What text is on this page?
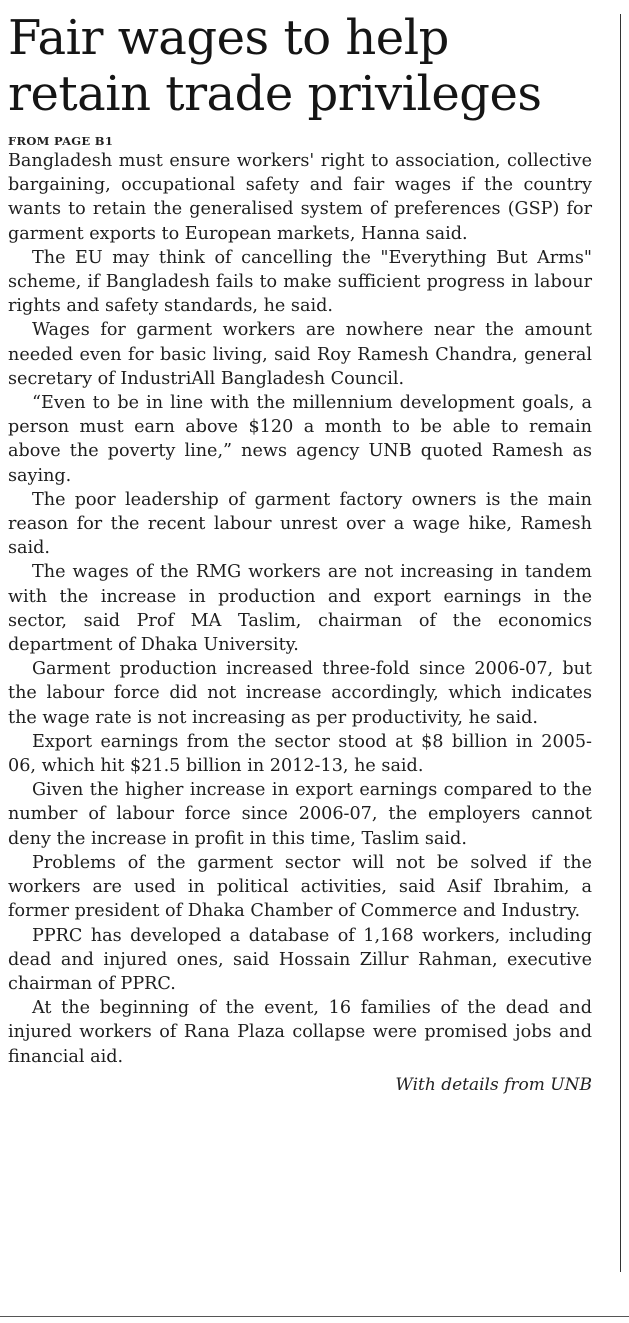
Fair wages to help
retain trade privileges
FROM PAGE B1

Bangladesh must ensure workers' right to association, collective bargaining, occupational safety and fair wages if the country wants to retain the generalised system of preferences (GSP) for garment exports to European markets, Hanna said.

The EU may think of cancelling the "Everything But Arms" scheme, if Bangladesh fails to make sufficient progress in labour rights and safety standards, he said.

Wages for garment workers are nowhere near the amount needed even for basic living, said Roy Ramesh Chandra, general secretary of IndustriAll Bangladesh Council.

“Even to be in line with the millennium development goals, a person must earn above $120 a month to be able to remain above the poverty line,” news agency UNB quoted Ramesh as saying.

The poor leadership of garment factory owners is the main reason for the recent labour unrest over a wage hike, Ramesh said.

The wages of the RMG workers are not increasing in tandem with the increase in production and export earnings in the sector, said Prof MA Taslim, chairman of the economics department of Dhaka University.

Garment production increased three-fold since 2006-07, but the labour force did not increase accordingly, which indicates the wage rate is not increasing as per productivity, he said.

Export earnings from the sector stood at $8 billion in 2005-06, which hit $21.5 billion in 2012-13, he said.

Given the higher increase in export earnings compared to the number of labour force since 2006-07, the employers cannot deny the increase in profit in this time, Taslim said.

Problems of the garment sector will not be solved if the workers are used in political activities, said Asif Ibrahim, a former president of Dhaka Chamber of Commerce and Industry.

PPRC has developed a database of 1,168 workers, including dead and injured ones, said Hossain Zillur Rahman, executive chairman of PPRC.

At the beginning of the event, 16 families of the dead and injured workers of Rana Plaza collapse were promised jobs and financial aid.

With details from UNB
